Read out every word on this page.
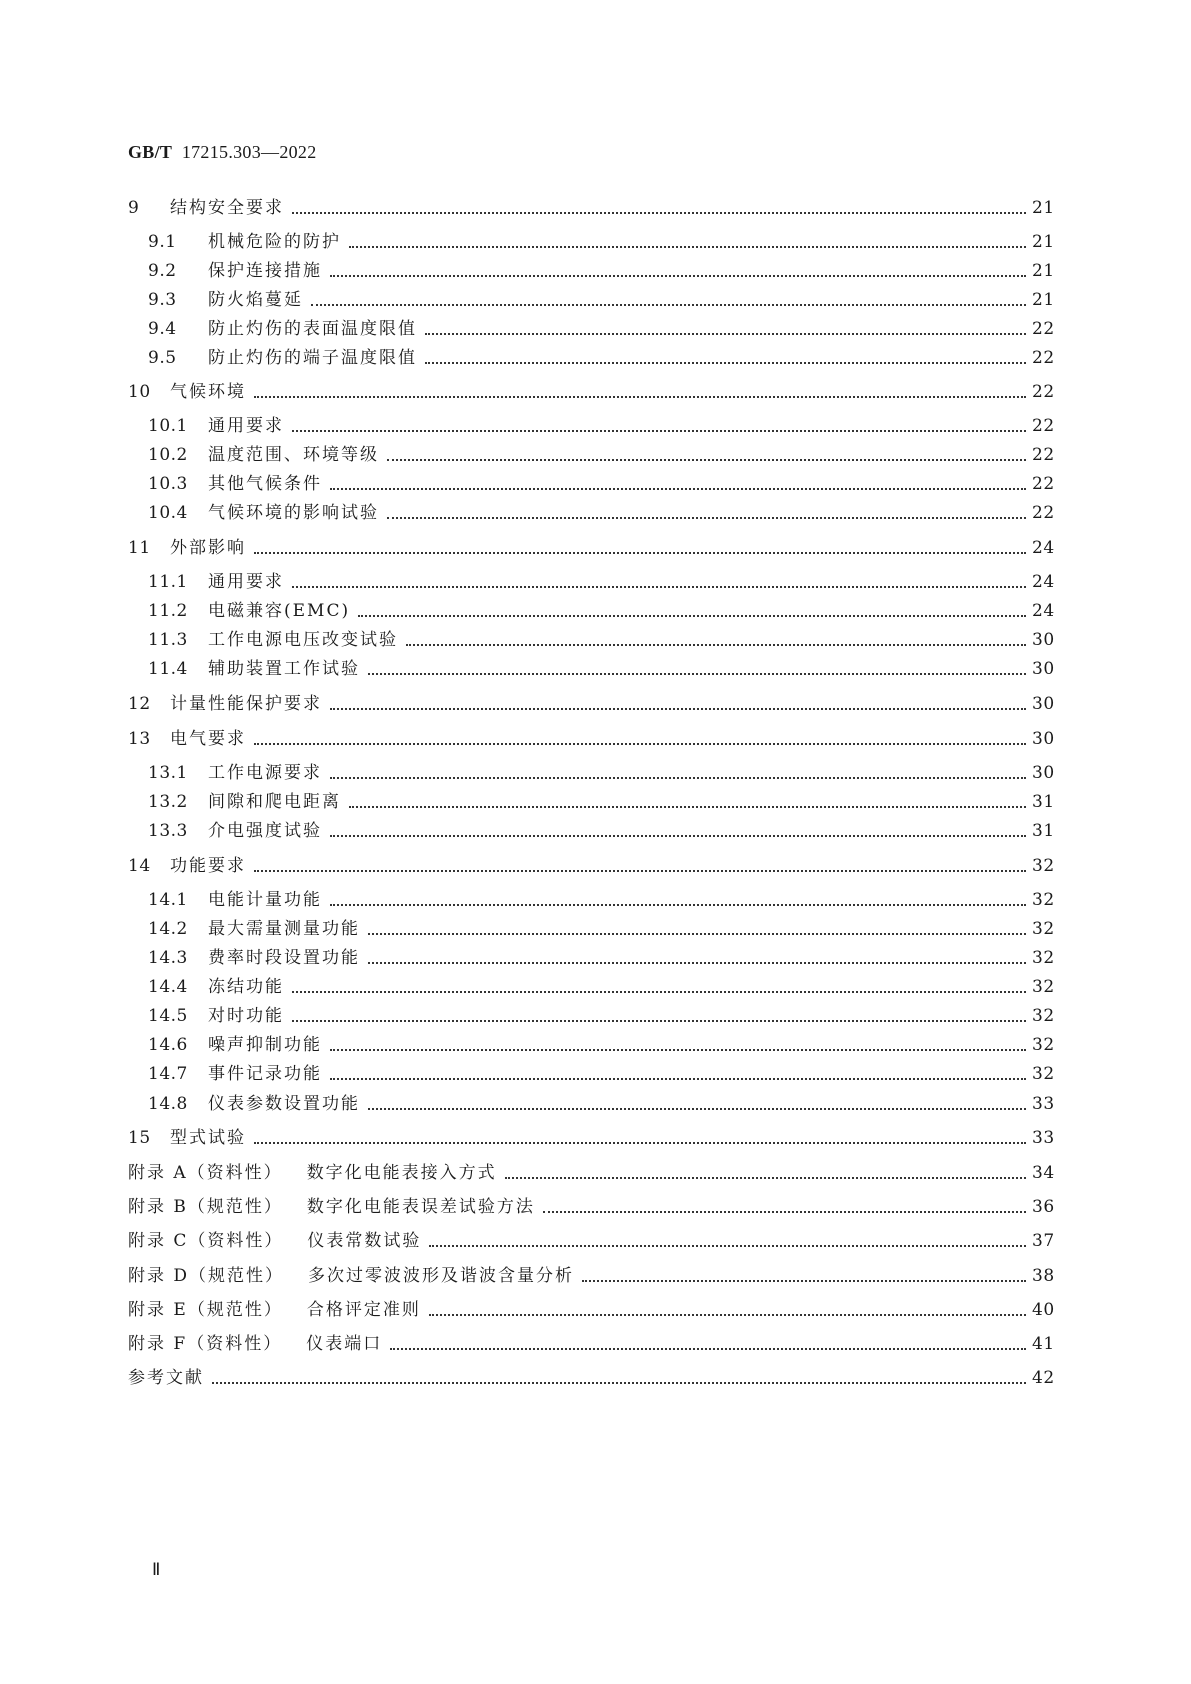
GB/T 17215.303—2022
9	结构安全要求	21
9.1	机械危险的防护	21
9.2	保护连接措施	21
9.3	防火焰蔓延	21
9.4	防止灼伤的表面温度限值	22
9.5	防止灼伤的端子温度限值	22
10	气候环境	22
10.1	通用要求	22
10.2	温度范围、环境等级	22
10.3	其他气候条件	22
10.4	气候环境的影响试验	22
11	外部影响	24
11.1	通用要求	24
11.2	电磁兼容(EMC)	24
11.3	工作电源电压改变试验	30
11.4	辅助装置工作试验	30
12	计量性能保护要求	30
13	电气要求	30
13.1	工作电源要求	30
13.2	间隙和爬电距离	31
13.3	介电强度试验	31
14	功能要求	32
14.1	电能计量功能	32
14.2	最大需量测量功能	32
14.3	费率时段设置功能	32
14.4	冻结功能	32
14.5	对时功能	32
14.6	噪声抑制功能	32
14.7	事件记录功能	32
14.8	仪表参数设置功能	33
15	型式试验	33
附录 A（资料性） 数字化电能表接入方式	34
附录 B（规范性） 数字化电能表误差试验方法	36
附录 C（资料性） 仪表常数试验	37
附录 D（规范性） 多次过零波波形及谐波含量分析	38
附录 E（规范性） 合格评定准则	40
附录 F（资料性） 仪表端口	41
参考文献	42
Ⅱ
